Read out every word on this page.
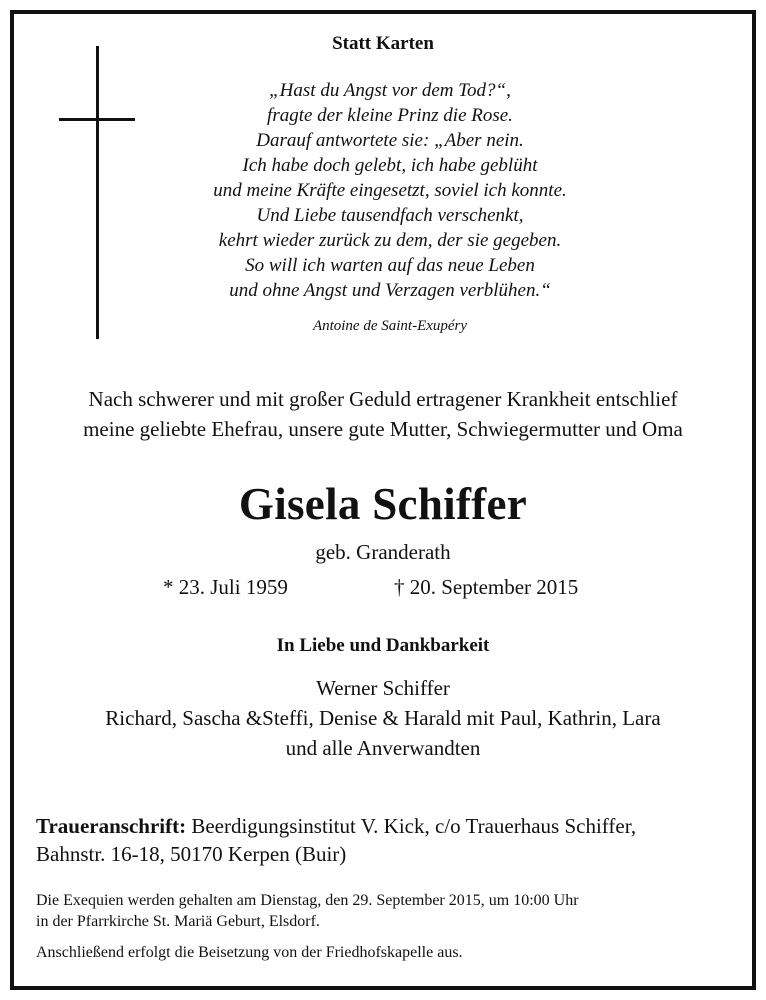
Statt Karten
„Hast du Angst vor dem Tod?“,
fragte der kleine Prinz die Rose.
Darauf antwortete sie: „Aber nein.
Ich habe doch gelebt, ich habe geblüht
und meine Kräfte eingesetzt, soviel ich konnte.
Und Liebe tausendfach verschenkt,
kehrt wieder zurück zu dem, der sie gegeben.
So will ich warten auf das neue Leben
und ohne Angst und Verzagen verblühen.“
Antoine de Saint-Exupéry
Nach schwerer und mit großer Geduld ertragener Krankheit entschlief
meine geliebte Ehefrau, unsere gute Mutter, Schwiegermutter und Oma
Gisela Schiffer
geb. Granderath
* 23. Juli 1959	† 20. September 2015
In Liebe und Dankbarkeit
Werner Schiffer
Richard, Sascha &Steffi, Denise & Harald mit Paul, Kathrin, Lara
und alle Anverwandten
Traueranschrift: Beerdigungsinstitut V. Kick, c/o Trauerhaus Schiffer,
Bahnstr. 16-18, 50170 Kerpen (Buir)
Die Exequien werden gehalten am Dienstag, den 29. September 2015, um 10:00 Uhr
in der Pfarrkirche St. Mariä Geburt, Elsdorf.
Anschließend erfolgt die Beisetzung von der Friedhofskapelle aus.
